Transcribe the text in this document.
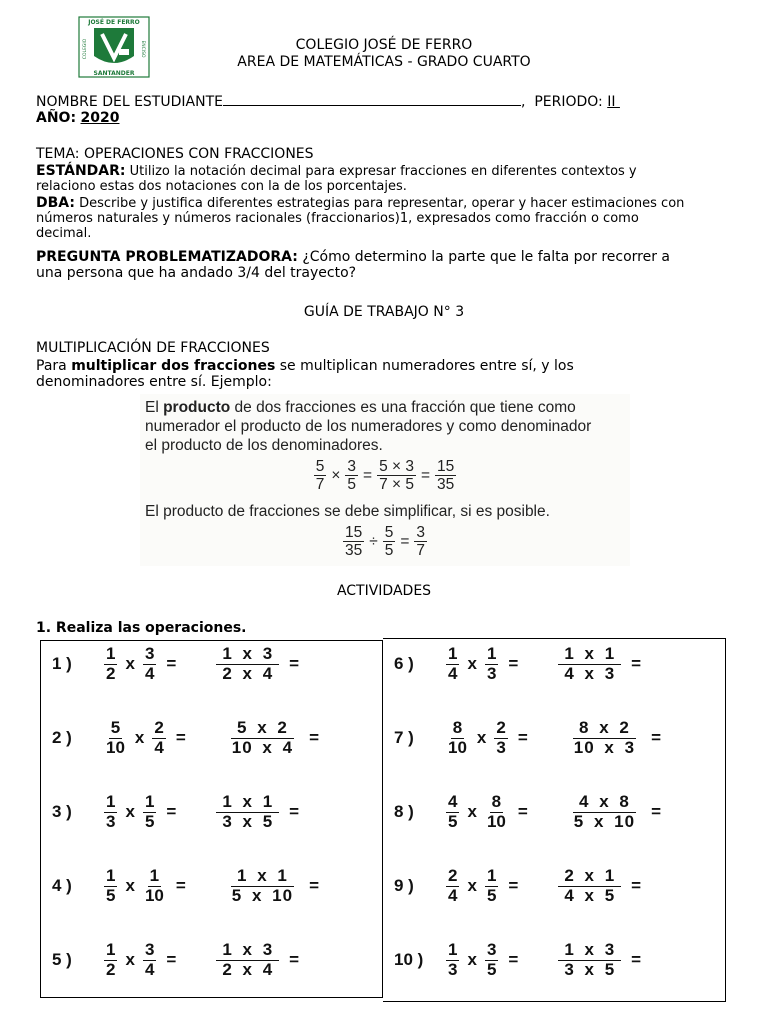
JOSÉ DE FERRO
SANTANDER
COLEGIO	ENCISO	COLEGIO JOSÉ DE FERRO
AREA DE MATEMÁTICAS - GRADO CUARTO
NOMBRE DEL ESTUDIANTE	,  PERIODO: II
AÑO: 2020
TEMA: OPERACIONES CON FRACCIONES
ESTÁNDAR: Utilizo la notación decimal para expresar fracciones en diferentes contextos y
relaciono estas dos notaciones con la de los porcentajes.
DBA: Describe y justifica diferentes estrategias para representar, operar y hacer estimaciones con
números naturales y números racionales (fraccionarios)1, expresados como fracción o como
decimal.
PREGUNTA PROBLEMATIZADORA: ¿Cómo determino la parte que le falta por recorrer a
una persona que ha andado 3/4 del trayecto?
GUÍA DE TRABAJO N° 3
MULTIPLICACIÓN DE FRACCIONES
Para multiplicar dos fracciones se multiplican numeradores entre sí, y los
denominadores entre sí. Ejemplo:
El producto de dos fracciones es una fracción que tiene como
numerador el producto de los numeradores y como denominador
el producto de los denominadores.
$\frac{5}{7} \times \frac{3}{5} = \frac{5 \times 3}{7 \times 5} = \frac{15}{35}$
El producto de fracciones se debe simplificar, si es posible.
$\frac{15}{35} \div \frac{5}{5} = \frac{3}{7}$
ACTIVIDADES
1. Realiza las operaciones.
1 )	$\frac{1}{2}$ x $\frac{3}{4} = \frac{1 x 3}{2 x 4}$ =
2 )	$\frac{5}{10}$ x $\frac{2}{4} = \frac{5 x 2}{10 x 4}$ =
3 )	$\frac{1}{3}$ x $\frac{1}{5} = \frac{1 x 1}{3 x 5}$ =
4 )	$\frac{1}{5}$ x $\frac{1}{10} = \frac{1 x 1}{5 x 10}$ =
5 )	$\frac{1}{2}$ x $\frac{3}{4} = \frac{1 x 3}{2 x 4}$ =
6 )	$\frac{1}{4}$ x $\frac{1}{3} = \frac{1 x 1}{4 x 3}$ =
7 )	$\frac{8}{10}$ x $\frac{2}{3} = \frac{8 x 2}{10 x 3}$ =
8 )	$\frac{4}{5}$ x $\frac{8}{10} = \frac{4 x 8}{5 x 10}$ =
9 )	$\frac{2}{4}$ x $\frac{1}{5} = \frac{2 x 1}{4 x 5}$ =
10 )	$\frac{1}{3}$ x $\frac{3}{5} = \frac{1 x 3}{3 x 5}$ =
